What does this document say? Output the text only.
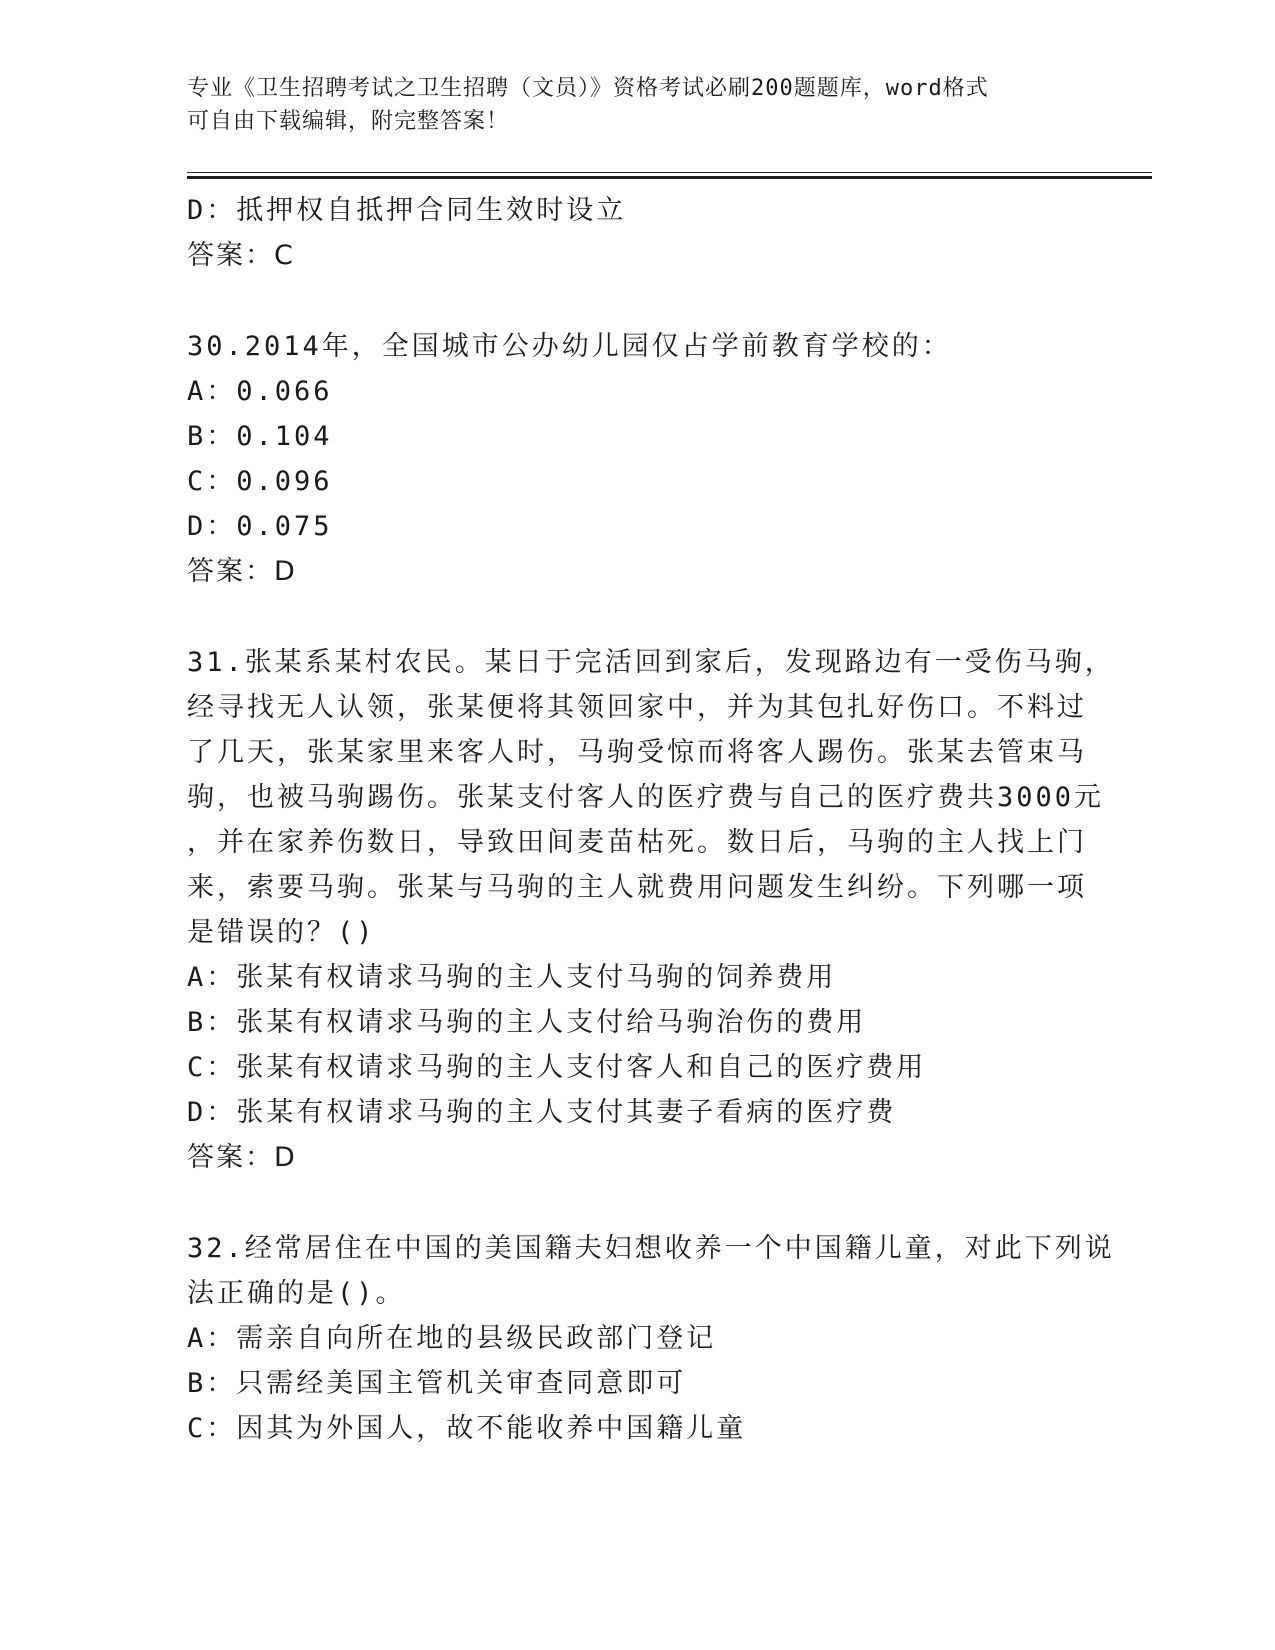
专业《卫生招聘考试之卫生招聘（文员）》资格考试必刷200题题库，word格式
可自由下载编辑，附完整答案！
D：抵押权自抵押合同生效时设立
答案：C
30.2014年，全国城市公办幼儿园仅占学前教育学校的：
A：0.066
B：0.104
C：0.096
D：0.075
答案：D
31.张某系某村农民。某日于完活回到家后，发现路边有一受伤马驹，
经寻找无人认领，张某便将其领回家中，并为其包扎好伤口。不料过
了几天，张某家里来客人时，马驹受惊而将客人踢伤。张某去管束马
驹，也被马驹踢伤。张某支付客人的医疗费与自己的医疗费共3000元
，并在家养伤数日，导致田间麦苗枯死。数日后，马驹的主人找上门
来，索要马驹。张某与马驹的主人就费用问题发生纠纷。下列哪一项
是错误的？()
A：张某有权请求马驹的主人支付马驹的饲养费用
B：张某有权请求马驹的主人支付给马驹治伤的费用
C：张某有权请求马驹的主人支付客人和自己的医疗费用
D：张某有权请求马驹的主人支付其妻子看病的医疗费
答案：D
32.经常居住在中国的美国籍夫妇想收养一个中国籍儿童，对此下列说
法正确的是()。
A：需亲自向所在地的县级民政部门登记
B：只需经美国主管机关审查同意即可
C：因其为外国人，故不能收养中国籍儿童
